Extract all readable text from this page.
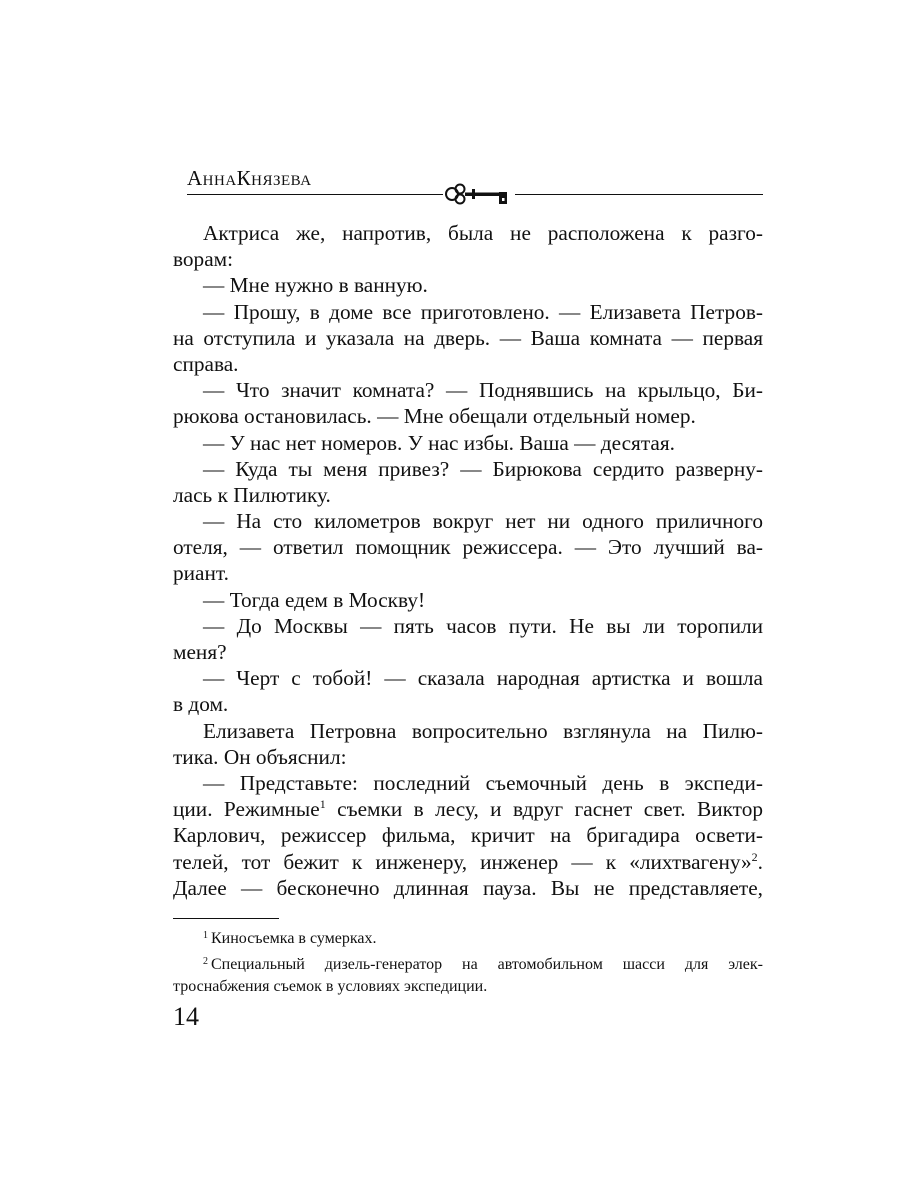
АннаКнязева
Актриса же, напротив, была не расположена к разго-
ворам:
— Мне нужно в ванную.
— Прошу, в доме все приготовлено. — Елизавета Петров-
на отступила и указала на дверь. — Ваша комната — первая
справа.
— Что значит комната? — Поднявшись на крыльцо, Би-
рюкова остановилась. — Мне обещали отдельный номер.
— У нас нет номеров. У нас избы. Ваша — десятая.
— Куда ты меня привез? — Бирюкова сердито развернy-
лась к Пилютику.
— На сто километров вокруг нет ни одного приличного
отеля, — ответил помощник режиссера. — Это лучший ва-
риант.
— Тогда едем в Москву!
— До Москвы — пять часов пути. Не вы ли торопили
меня?
— Черт с тобой! — сказала народная артистка и вошла
в дом.
Елизавета Петровна вопросительно взглянула на Пилю-
тика. Он объяснил:
— Представьте: последний съемочный день в экспеди-
ции. Режимные$^1$ съемки в лесу, и вдруг гаснет свет. Виктор
Карлович, режиссер фильма, кричит на бригадира освети-
телей, тот бежит к инженеру, инженер — к «лихтвагену»$^2$.
Далее — бесконечно длинная пауза. Вы не представляете,
$^1$ Киносъемка в сумерках.
$^2$ Специальный дизель-генератор на автомобильном шасси для элек-
троснабжения съемок в условиях экспедиции.
14
